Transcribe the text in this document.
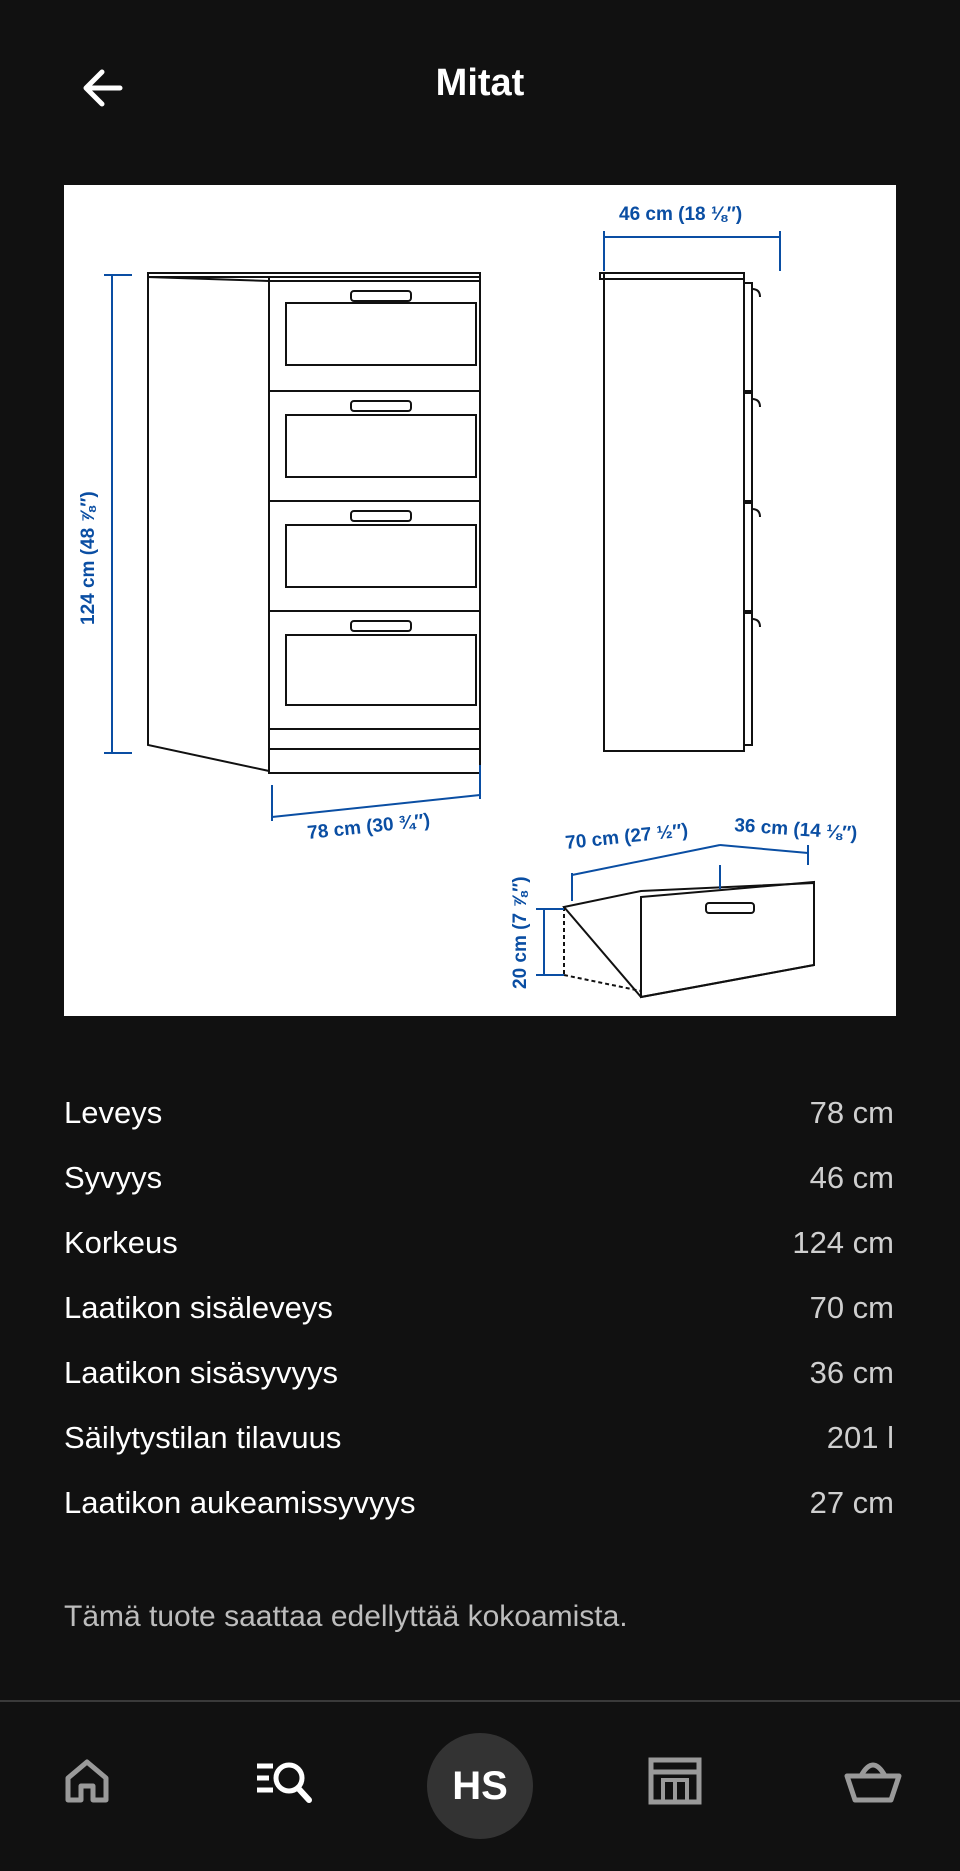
Mitat
46 cm (18 ⅛″)
124 cm (48 ⅞″)
78 cm (30 ¾″)	70 cm (27 ½″) 36 cm (14 ⅛″)
20 cm (7 ⅞″)
Leveys	78 cm
Syvyys	46 cm
Korkeus	124 cm
Laatikon sisäleveys	70 cm
Laatikon sisäsyvyys	36 cm
Säilytystilan tilavuus	201 l
Laatikon aukeamissyvyys	27 cm
Tämä tuote saattaa edellyttää kokoamista.
HS
